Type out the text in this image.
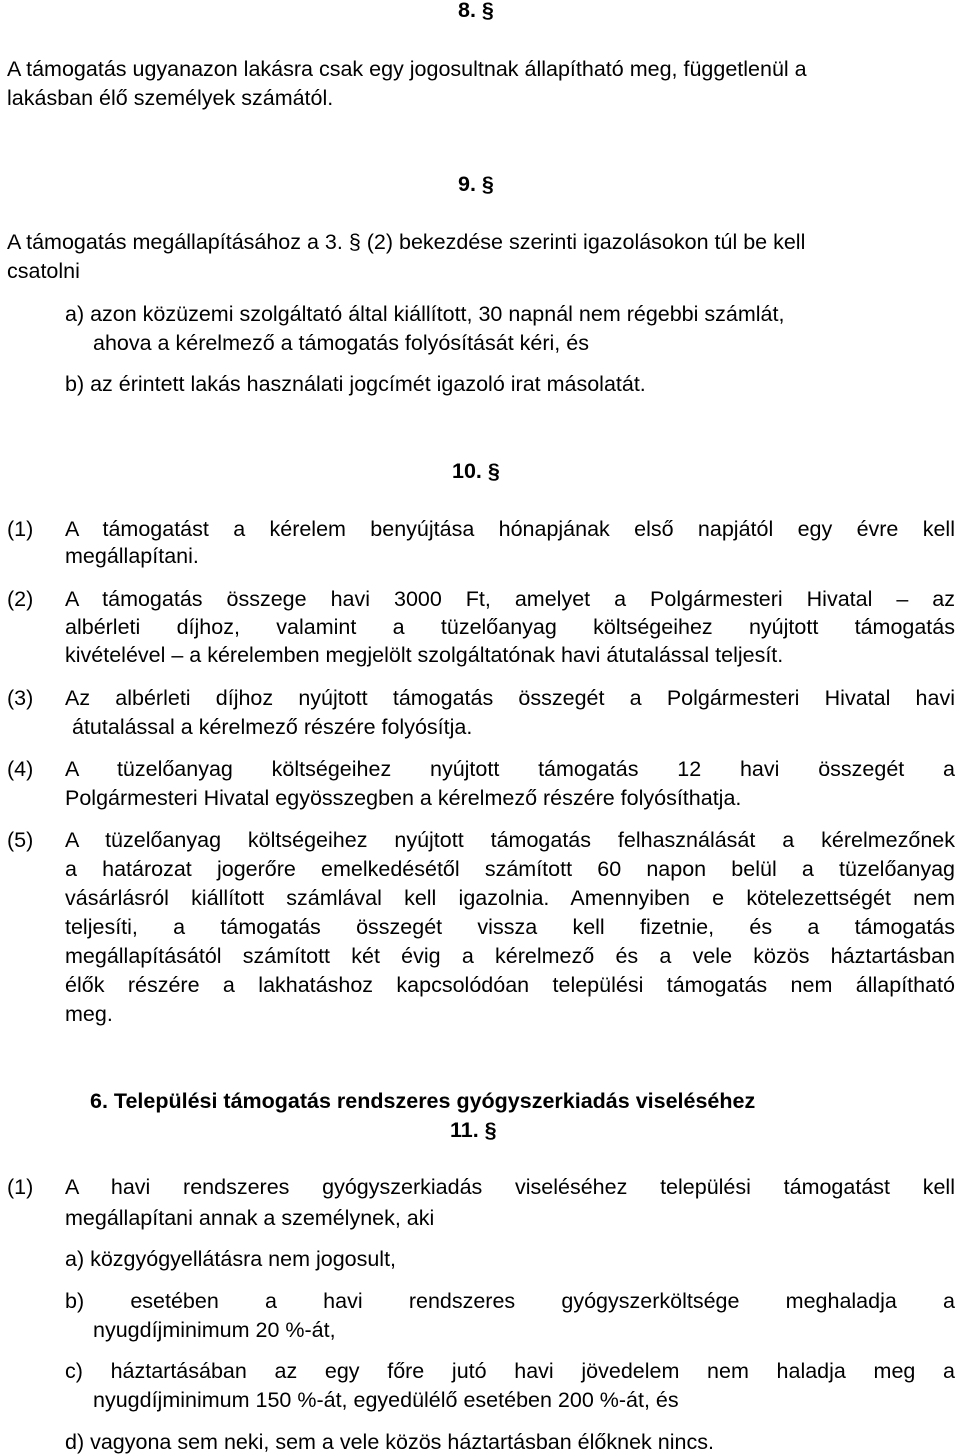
8. §
A támogatás ugyanazon lakásra csak egy jogosultnak állapítható meg, függetlenül a
lakásban élő személyek számától.
9. §
A támogatás megállapításához a 3. § (2) bekezdése szerinti igazolásokon túl be kell
csatolni
a) azon közüzemi szolgáltató által kiállított, 30 napnál nem régebbi számlát,
ahova a kérelmező a támogatás folyósítását kéri, és
b) az érintett lakás használati jogcímét igazoló irat másolatát.
10. §
(1) A támogatást a kérelem benyújtása hónapjának első napjától egy évre kell
megállapítani.
(2) A támogatás összege havi 3000 Ft, amelyet a Polgármesteri Hivatal – az
albérleti díjhoz, valamint a tüzelőanyag költségeihez nyújtott támogatás
kivételével – a kérelemben megjelölt szolgáltatónak havi átutalással teljesít.
(3) Az albérleti díjhoz nyújtott támogatás összegét a Polgármesteri Hivatal havi
átutalással a kérelmező részére folyósítja.
(4) A tüzelőanyag költségeihez nyújtott támogatás 12 havi összegét a
Polgármesteri Hivatal egyösszegben a kérelmező részére folyósíthatja.
(5) A tüzelőanyag költségeihez nyújtott támogatás felhasználását a kérelmezőnek
a határozat jogerőre emelkedésétől számított 60 napon belül a tüzelőanyag
vásárlásról kiállított számlával kell igazolnia. Amennyiben e kötelezettségét nem
teljesíti, a támogatás összegét vissza kell fizetnie, és a támogatás
megállapításától számított két évig a kérelmező és a vele közös háztartásban
élők részére a lakhatáshoz kapcsolódóan települési támogatás nem állapítható
meg.
6. Települési támogatás rendszeres gyógyszerkiadás viseléséhez
11. §
(1) A havi rendszeres gyógyszerkiadás viseléséhez települési támogatást kell
megállapítani annak a személynek, aki
a) közgyógyellátásra nem jogosult,
b) esetében a havi rendszeres gyógyszerköltsége meghaladja a
nyugdíjminimum 20 %-át,
c) háztartásában az egy főre jutó havi jövedelem nem haladja meg a
nyugdíjminimum 150 %-át, egyedülélő esetében 200 %-át, és
d) vagyona sem neki, sem a vele közös háztartásban élőknek nincs.
